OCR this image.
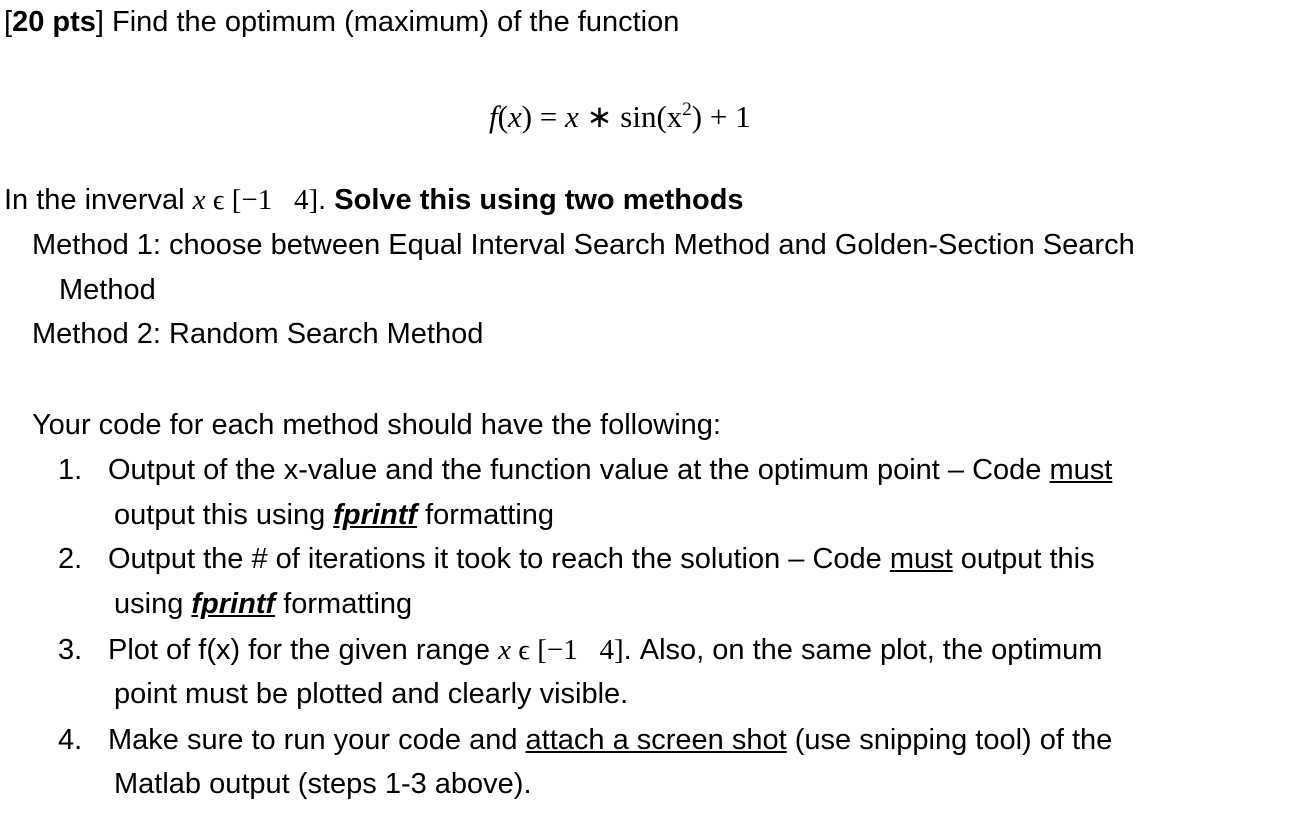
[20 pts] Find the optimum (maximum) of the function
f(x) = x ∗ $\sin(x^2) + 1$
In the inverval x ϵ [−1   4]. Solve this using two methods
Method 1: choose between Equal Interval Search Method and Golden-Section Search
Method
Method 2: Random Search Method
Your code for each method should have the following:
1. Output of the x-value and the function value at the optimum point – Code must
output this using fprintf formatting
2. Output the # of iterations it took to reach the solution – Code must output this
using fprintf formatting
3. Plot of f(x) for the given range x ϵ [−1   4]. Also, on the same plot, the optimum
point must be plotted and clearly visible.
4. Make sure to run your code and attach a screen shot (use snipping tool) of the
Matlab output (steps 1-3 above).
